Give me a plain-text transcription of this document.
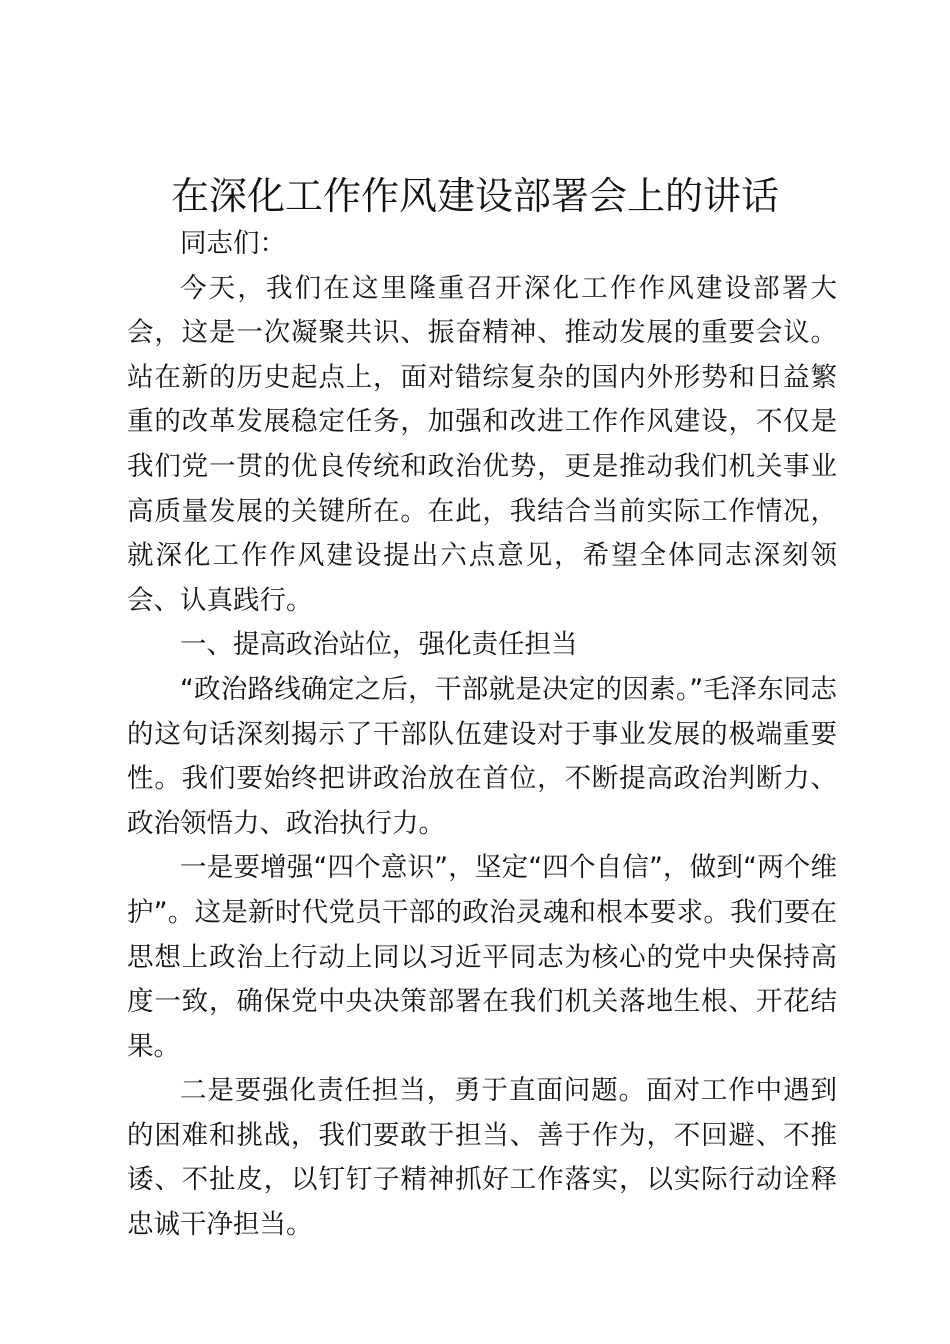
在深化工作作风建设部署会上的讲话

同志们：

今天，我们在这里隆重召开深化工作作风建设部署大会，这是一次凝聚共识、振奋精神、推动发展的重要会议。站在新的历史起点上，面对错综复杂的国内外形势和日益繁重的改革发展稳定任务，加强和改进工作作风建设，不仅是我们党一贯的优良传统和政治优势，更是推动我们机关事业高质量发展的关键所在。在此，我结合当前实际工作情况，就深化工作作风建设提出六点意见，希望全体同志深刻领会、认真践行。

一、提高政治站位，强化责任担当

“政治路线确定之后，干部就是决定的因素。”毛泽东同志的这句话深刻揭示了干部队伍建设对于事业发展的极端重要性。我们要始终把讲政治放在首位，不断提高政治判断力、政治领悟力、政治执行力。

一是要增强“四个意识”，坚定“四个自信”，做到“两个维护”。这是新时代党员干部的政治灵魂和根本要求。我们要在思想上政治上行动上同以习近平同志为核心的党中央保持高度一致，确保党中央决策部署在我们机关落地生根、开花结果。

二是要强化责任担当，勇于直面问题。面对工作中遇到的困难和挑战，我们要敢于担当、善于作为，不回避、不推诿、不扯皮，以钉钉子精神抓好工作落实，以实际行动诠释忠诚干净担当。
